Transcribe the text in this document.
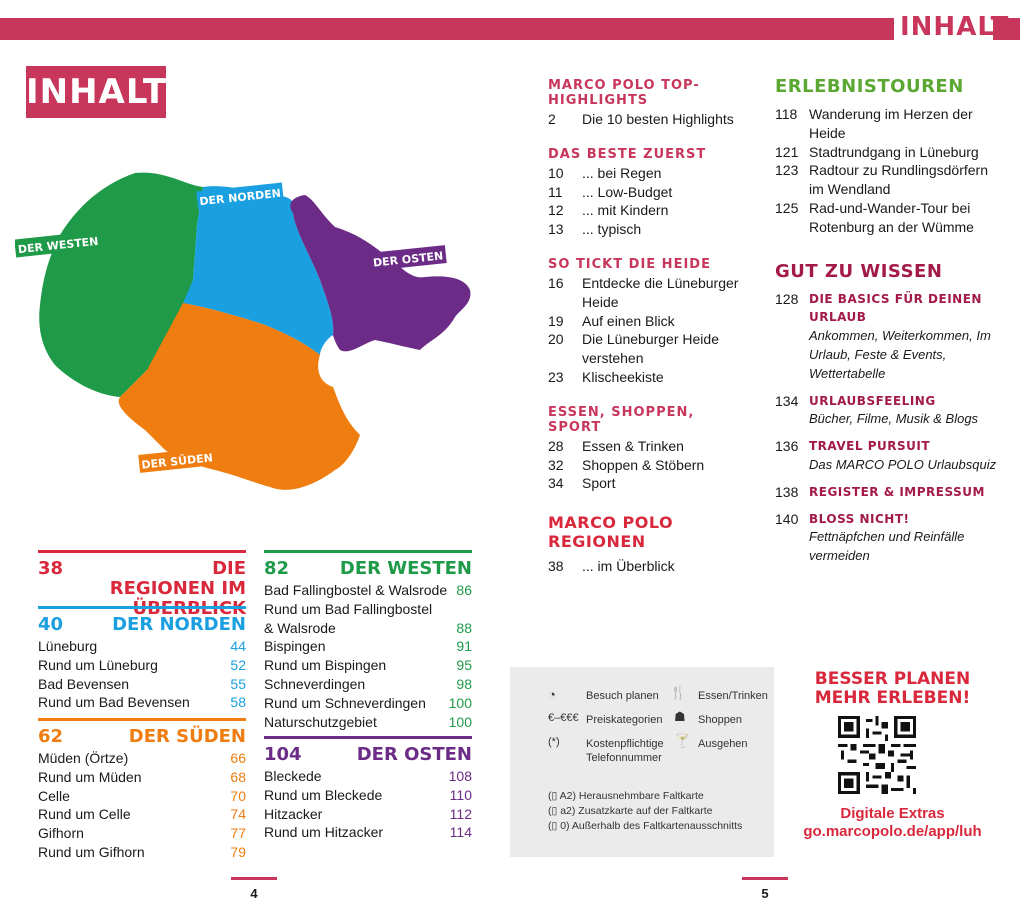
INHALT
INHALT
DER WESTEN
DER NORDEN
DER OSTEN
DER SÜDEN
38	DIE REGIONEN IM
40	DER NORDEN
Lüneburg	44
Rund um Lüneburg	52
Bad Bevensen	55
Rund um Bad Bevensen	58
62	DER SÜDEN
Müden (Örtze)	66
Rund um Müden	68
Celle	70
Rund um Celle	74
Gifhorn	77
Rund um Gifhorn	79
82	DER WESTEN
Bad Fallingbostel & Walsrode 86
Rund um Bad Fallingbostel & Walsrode	88
Bispingen	91
Rund um Bispingen	95
Schneverdingen	98
Rund um Schneverdingen	100
Naturschutzgebiet	100
104	DER OSTEN
Bleckede	108
Rund um Bleckede	110
Hitzacker	112
Rund um Hitzacker	114
MARCO POLO TOP-HIGHLIGHTS
2	Die 10 besten Highlights
DAS BESTE ZUERST
10	... bei Regen
11	... Low-Budget
12	... mit Kindern
13	... typisch
SO TICKT DIE HEIDE
16	Entdecke die Lüneburger Heide
19	Auf einen Blick
20	Die Lüneburger Heide verstehen
23	Klischeekiste
ESSEN, SHOPPEN, SPORT
28	Essen & Trinken
32	Shoppen & Stöbern
34	Sport
MARCO POLO REGIONEN
38	... im Überblick
ERLEBNISTOUREN
118 Wanderung im Herzen der Heide
121 Stadtrundgang in Lüneburg
123 Radtour zu Rundlingsdörfern im Wendland
125 Rad-und-Wander-Tour bei Rotenburg an der Wümme
GUT ZU WISSEN
128 DIE BASICS FÜR DEINEN URLAUB
Ankommen, Weiterkommen, Im Urlaub, Feste & Events, Wettertabelle
134 URLAUBSFEELING
Bücher, Filme, Musik & Blogs
136 TRAVEL PURSUIT
Das MARCO POLO Urlaubsquiz
138 REGISTER & IMPRESSUM
140 BLOSS NICHT!
Fettnäpfchen und Reinfälle vermeiden
◔	Besuch planen 🍴 Essen/Trinken
€–€€€ Preiskategorien ☗ Shoppen
(*) Kostenpflichtige Telefonnummer
🍸 Ausgehen
(▯ A2) Herausnehmbare Faltkarte
(▯ a2) Zusatzkarte auf der Faltkarte
(▯ 0) Außerhalb des Faltkartenausschnitts
BESSER PLANEN
MEHR ERLEBEN!
Digitale Extras
go.marcopolo.de/app/luh
4	5
